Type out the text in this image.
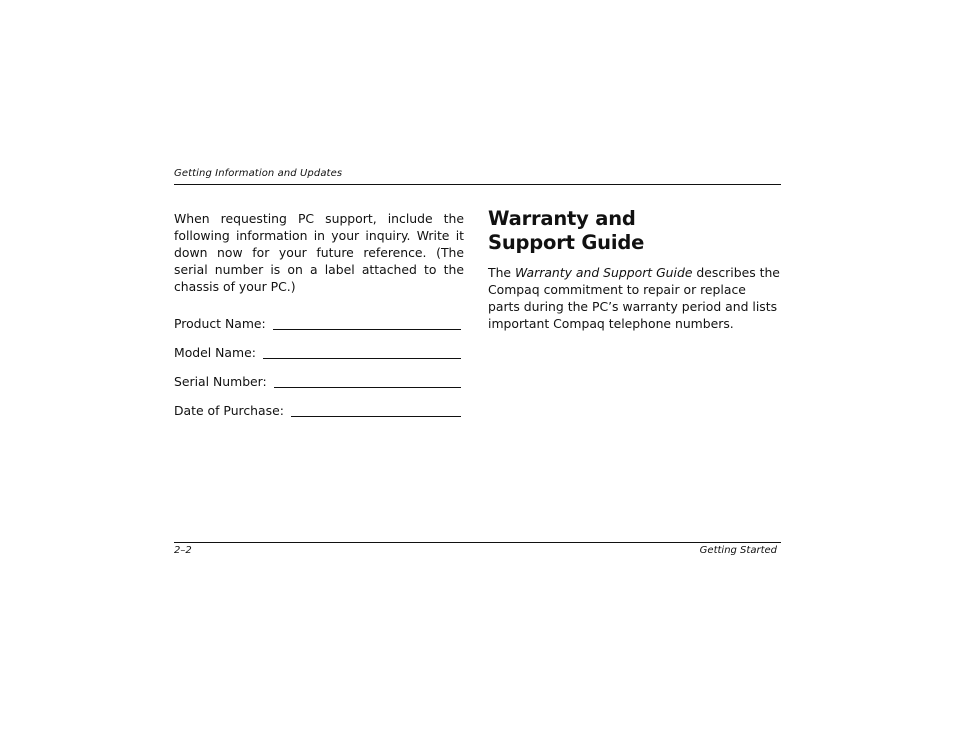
Getting Information and Updates

When requesting PC support, include the following information in your inquiry. Write it down now for your future reference. (The serial number is on a label attached to the chassis of your PC.)

Product Name:
Model Name:
Serial Number:
Date of Purchase:
Warranty and
Support Guide

The Warranty and Support Guide describes the Compaq commitment to repair or replace parts during the PC’s warranty period and lists important Compaq telephone numbers.

2–2	Getting Started
